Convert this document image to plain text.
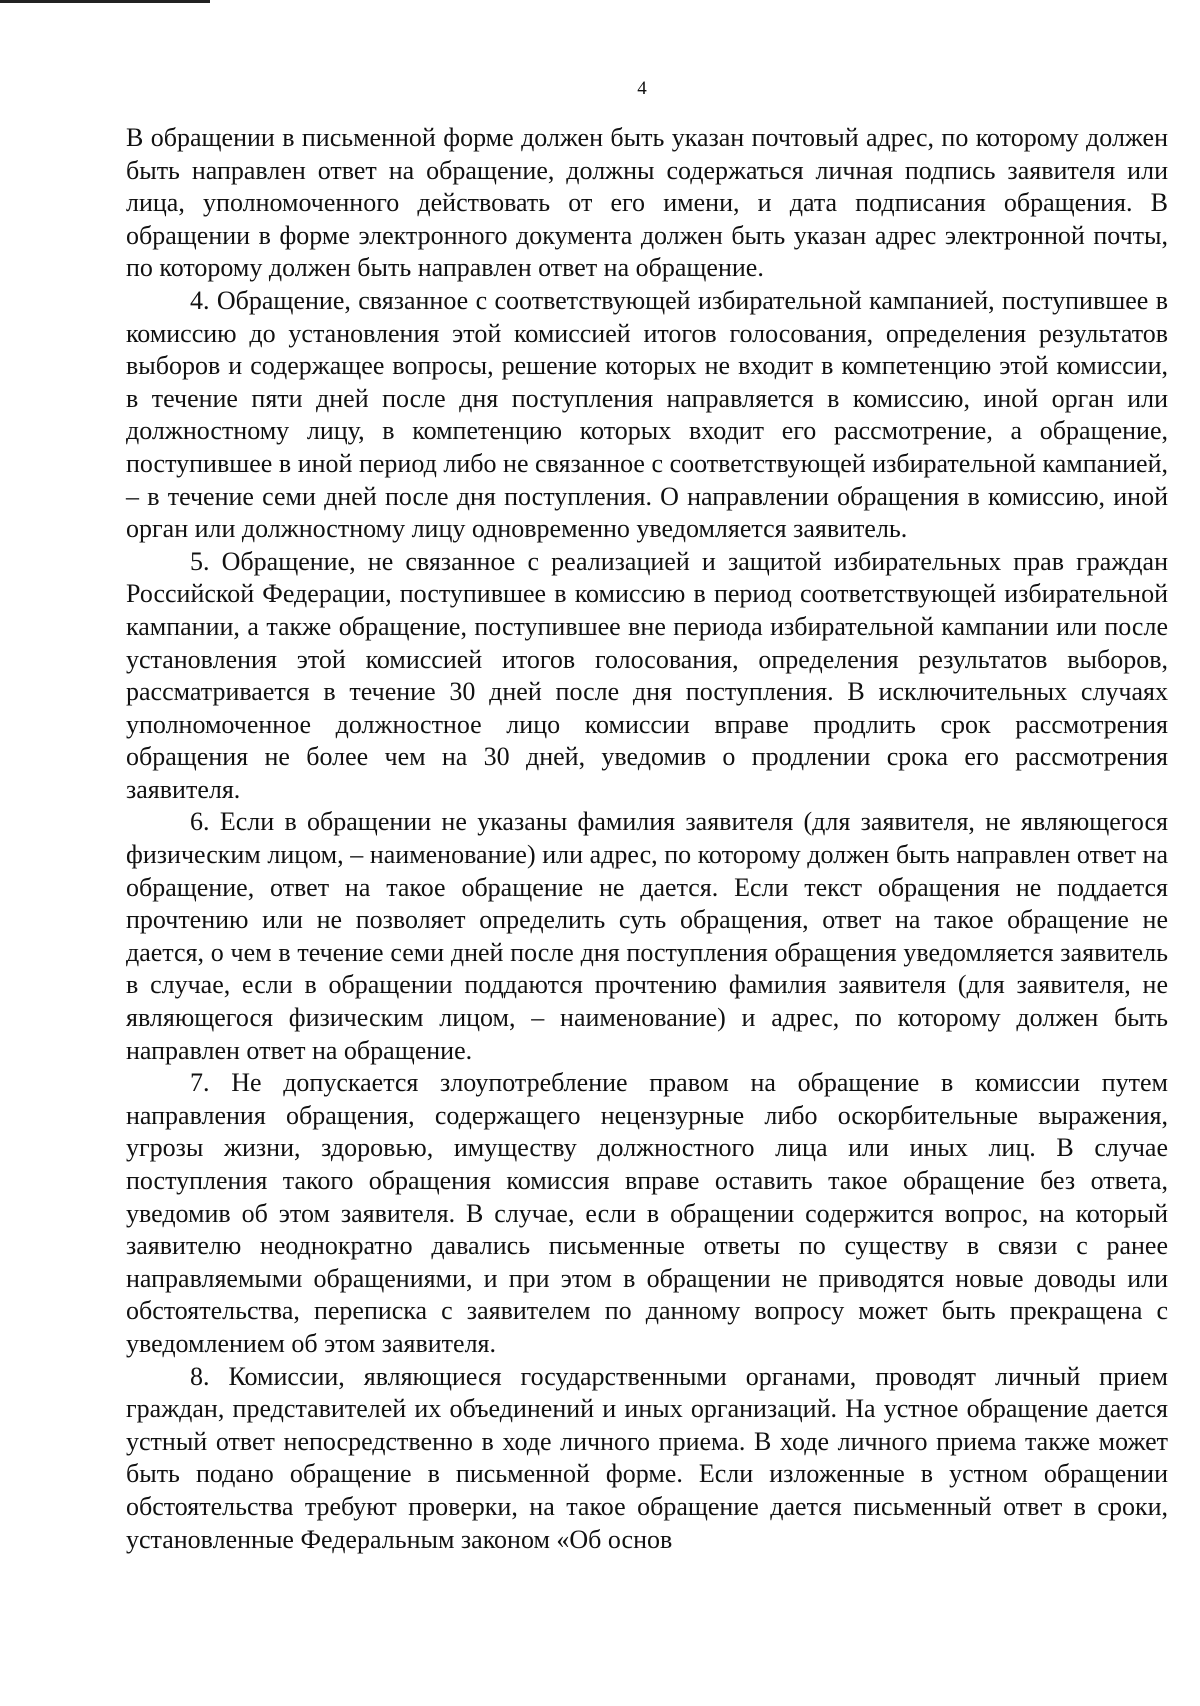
4

В обращении в письменной форме должен быть указан почтовый адрес, по которому должен быть направлен ответ на обращение, должны содержаться личная подпись заявителя или лица, уполномоченного действовать от его имени, и дата подписания обращения. В обращении в форме электронного документа должен быть указан адрес электронной почты, по которому должен быть направлен ответ на обращение.

4. Обращение, связанное с соответствующей избирательной кампанией, поступившее в комиссию до установления этой комиссией итогов голосования, определения результатов выборов и содержащее вопросы, решение которых не входит в компетенцию этой комиссии, в течение пяти дней после дня поступления направляется в комиссию, иной орган или должностному лицу, в компетенцию которых входит его рассмотрение, а обращение, поступившее в иной период либо не связанное с соответствующей избирательной кампанией, – в течение семи дней после дня поступления. О направлении обращения в комиссию, иной орган или должностному лицу одновременно уведомляется заявитель.

5. Обращение, не связанное с реализацией и защитой избирательных прав граждан Российской Федерации, поступившее в комиссию в период соответствующей избирательной кампании, а также обращение, поступившее вне периода избирательной кампании или после установления этой комиссией итогов голосования, определения результатов выборов, рассматривается в течение 30 дней после дня поступления. В исключительных случаях уполномоченное должностное лицо комиссии вправе продлить срок рассмотрения обращения не более чем на 30 дней, уведомив о продлении срока его рассмотрения заявителя.

6. Если в обращении не указаны фамилия заявителя (для заявителя, не являющегося физическим лицом, – наименование) или адрес, по которому должен быть направлен ответ на обращение, ответ на такое обращение не дается. Если текст обращения не поддается прочтению или не позволяет определить суть обращения, ответ на такое обращение не дается, о чем в течение семи дней после дня поступления обращения уведомляется заявитель в случае, если в обращении поддаются прочтению фамилия заявителя (для заявителя, не являющегося физическим лицом, – наименование) и адрес, по которому должен быть направлен ответ на обращение.

7. Не допускается злоупотребление правом на обращение в комиссии путем направления обращения, содержащего нецензурные либо оскорбительные выражения, угрозы жизни, здоровью, имуществу должностного лица или иных лиц. В случае поступления такого обращения комиссия вправе оставить такое обращение без ответа, уведомив об этом заявителя. В случае, если в обращении содержится вопрос, на который заявителю неоднократно давались письменные ответы по существу в связи с ранее направляемыми обращениями, и при этом в обращении не приводятся новые доводы или обстоятельства, переписка с заявителем по данному вопросу может быть прекращена с уведомлением об этом заявителя.

8. Комиссии, являющиеся государственными органами, проводят личный прием граждан, представителей их объединений и иных организаций. На устное обращение дается устный ответ непосредственно в ходе личного приема. В ходе личного приема также может быть подано обращение в письменной форме. Если изложенные в устном обращении обстоятельства требуют проверки, на такое обращение дается письменный ответ в сроки, установленные Федеральным законом «Об основ
